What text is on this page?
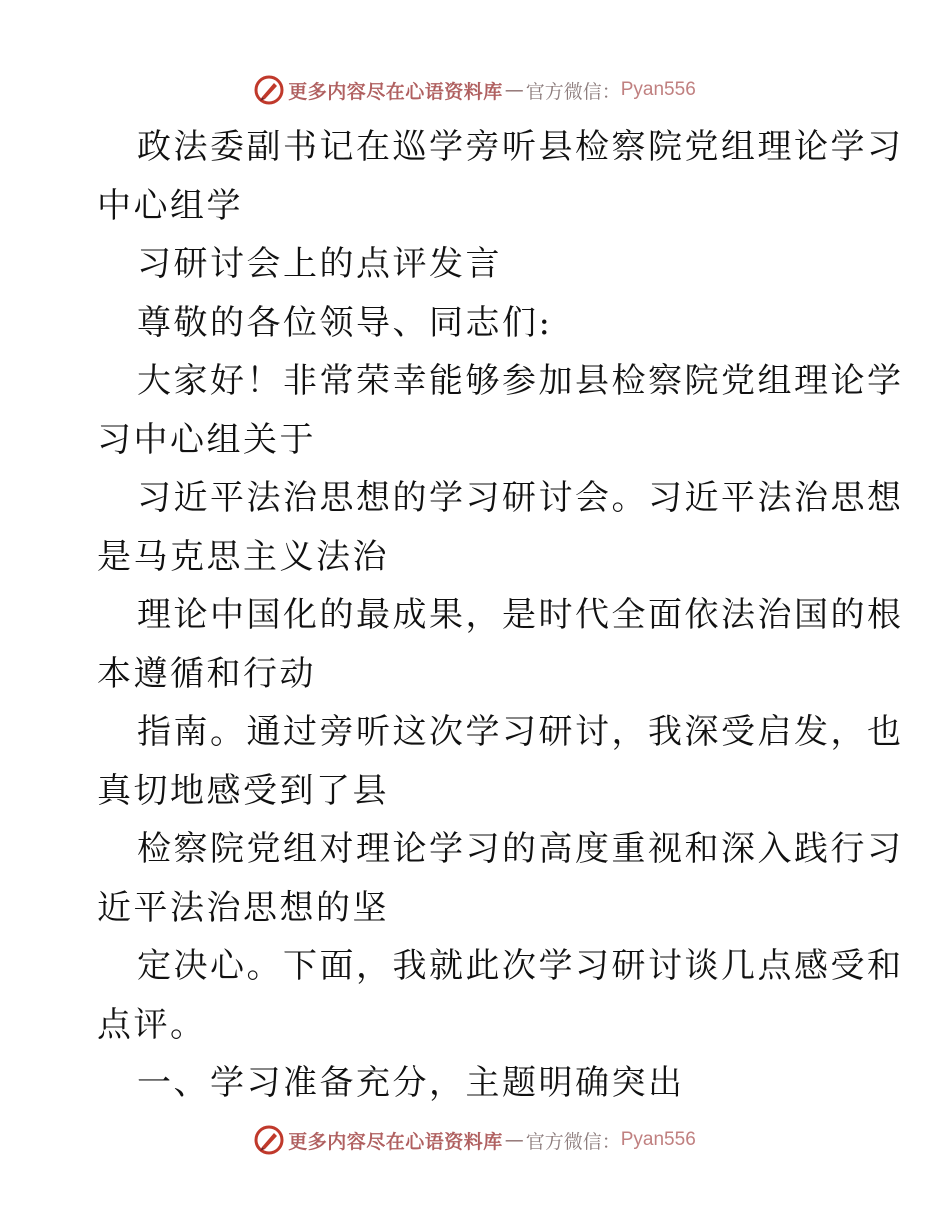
更多内容尽在心语资料库 — 官方微信： Pyan556
政法委副书记在巡学旁听县检察院党组理论学习
中心组学
习研讨会上的点评发言
尊敬的各位领导、同志们:
大家好！非常荣幸能够参加县检察院党组理论学
习中心组关于
习近平法治思想的学习研讨会。习近平法治思想
是马克思主义法治
理论中国化的最成果，是时代全面依法治国的根
本遵循和行动
指南。通过旁听这次学习研讨，我深受启发，也
真切地感受到了县
检察院党组对理论学习的高度重视和深入践行习
近平法治思想的坚
定决心。下面，我就此次学习研讨谈几点感受和
点评。
一、学习准备充分，主题明确突出
更多内容尽在心语资料库 — 官方微信： Pyan556
